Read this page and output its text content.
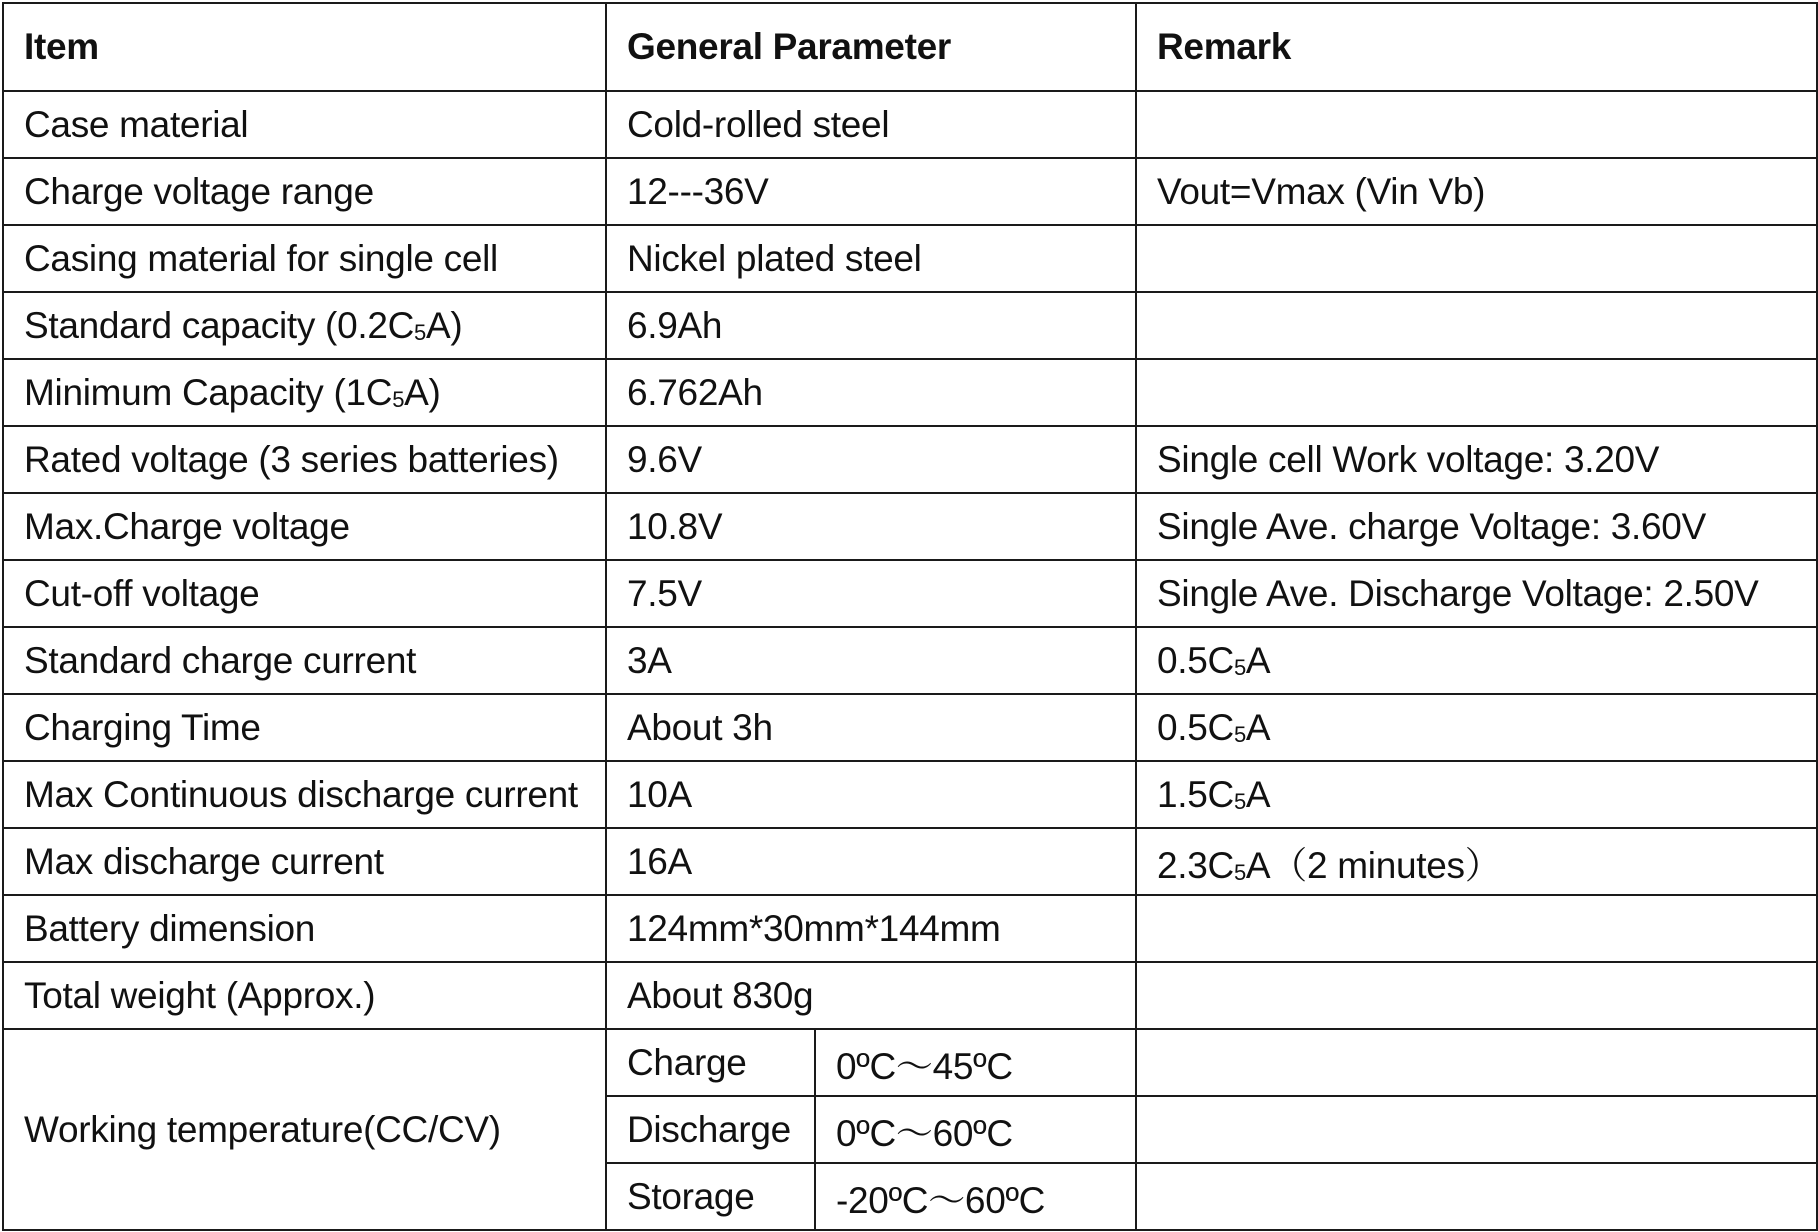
Item	General Parameter		Remark
Case material	Cold-rolled steel		
Charge voltage range	12---36V		Vout=Vmax (Vin Vb)
Casing material for single cell	Nickel plated steel		
Standard capacity $(0.2C_5A)$	6.9Ah		
Minimum Capacity $(1C_5A)$	6.762Ah		
Rated voltage (3 series batteries)	9.6V		Single cell Work voltage: 3.20V
Max.Charge voltage	10.8V		Single Ave. charge Voltage: 3.60V
Cut-off voltage	7.5V		Single Ave. Discharge Voltage: 2.50V
Standard charge current	3A		$0.5C_5A$
Charging Time	About 3h		$0.5C_5A$
Max Continuous discharge current	10A		$1.5C_5A$
Max discharge current	16A		$2.3C_5A(2$ minutes）
Battery dimension	124mm*30mm*144mm		
Total weight (Approx.)	About 830g		
Working temperature(CC/CV)	Charge	0ºC～45ºC	
	Discharge	0ºC～60ºC	
	Storage	-20ºC～60ºC	
